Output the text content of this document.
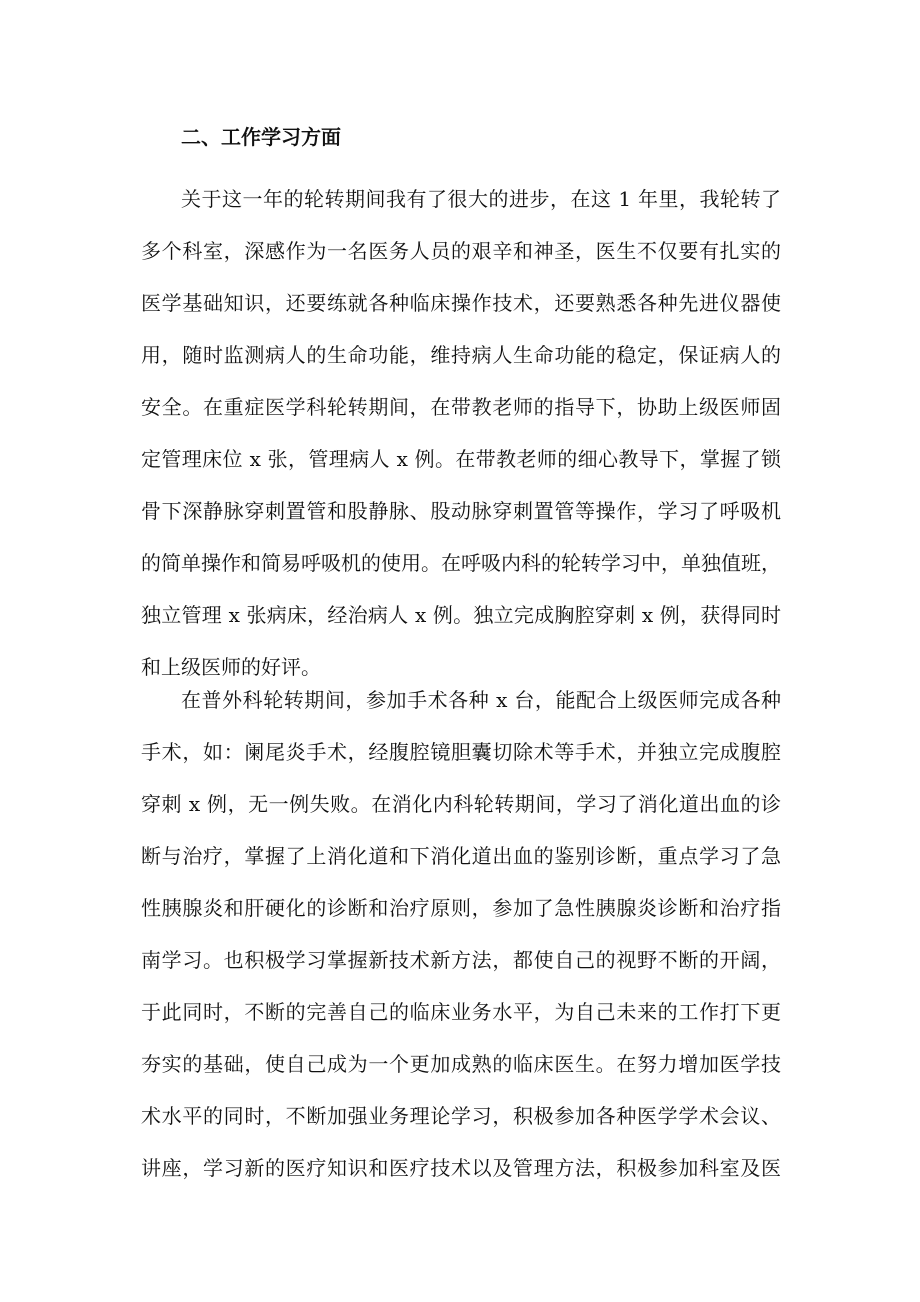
二、工作学习方面
关于这一年的轮转期间我有了很大的进步，在这 1 年里，我轮转了
多个科室，深感作为一名医务人员的艰辛和神圣，医生不仅要有扎实的
医学基础知识，还要练就各种临床操作技术，还要熟悉各种先进仪器使
用，随时监测病人的生命功能，维持病人生命功能的稳定，保证病人的
安全。在重症医学科轮转期间，在带教老师的指导下，协助上级医师固
定管理床位 x 张，管理病人 x 例。在带教老师的细心教导下，掌握了锁
骨下深静脉穿刺置管和股静脉、股动脉穿刺置管等操作，学习了呼吸机
的简单操作和简易呼吸机的使用。在呼吸内科的轮转学习中，单独值班，
独立管理 x 张病床，经治病人 x 例。独立完成胸腔穿刺 x 例，获得同时
和上级医师的好评。
在普外科轮转期间，参加手术各种 x 台，能配合上级医师完成各种
手术，如：阑尾炎手术，经腹腔镜胆囊切除术等手术，并独立完成腹腔
穿刺 x 例，无一例失败。在消化内科轮转期间，学习了消化道出血的诊
断与治疗，掌握了上消化道和下消化道出血的鉴别诊断，重点学习了急
性胰腺炎和肝硬化的诊断和治疗原则，参加了急性胰腺炎诊断和治疗指
南学习。也积极学习掌握新技术新方法，都使自己的视野不断的开阔，
于此同时，不断的完善自己的临床业务水平，为自己未来的工作打下更
夯实的基础，使自己成为一个更加成熟的临床医生。在努力增加医学技
术水平的同时，不断加强业务理论学习，积极参加各种医学学术会议、
讲座，学习新的医疗知识和医疗技术以及管理方法，积极参加科室及医
